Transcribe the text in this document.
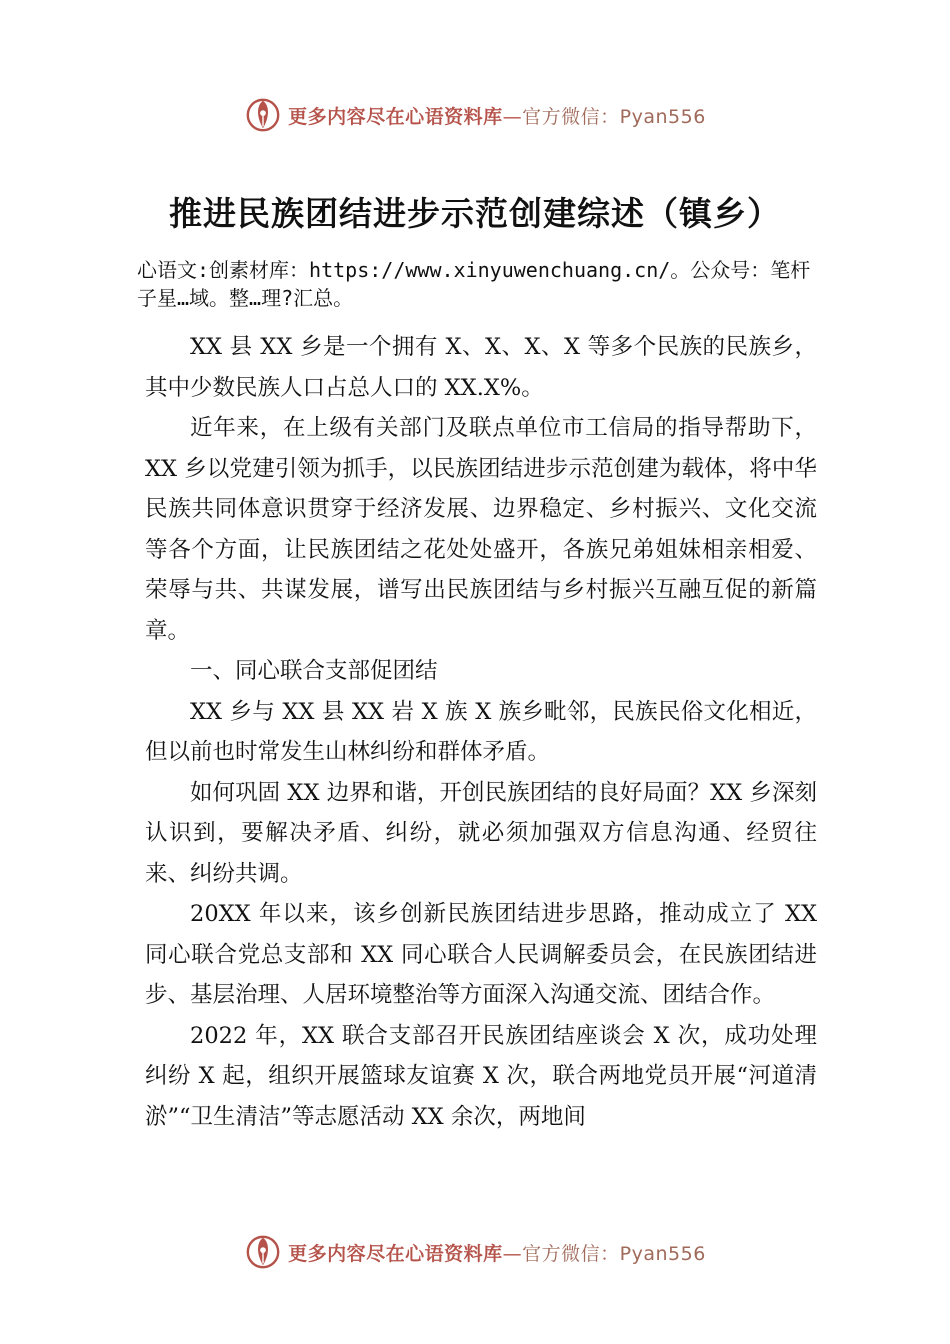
更多内容尽在心语资料库—官方微信：Pyan556
推进民族团结进步示范创建综述（镇乡）
心语文:创素材库：https://www.xinyuwenchuang.cn/。公众号：笔杆子星…域。整…理?汇总。

XX 县 XX 乡是一个拥有 X、X、X、X 等多个民族的民族乡，其中少数民族人口占总人口的 XX.X%。

近年来，在上级有关部门及联点单位市工信局的指导帮助下，XX 乡以党建引领为抓手，以民族团结进步示范创建为载体，将中华民族共同体意识贯穿于经济发展、边界稳定、乡村振兴、文化交流等各个方面，让民族团结之花处处盛开，各族兄弟姐妹相亲相爱、荣辱与共、共谋发展，谱写出民族团结与乡村振兴互融互促的新篇章。

一、同心联合支部促团结

XX 乡与 XX 县 XX 岩 X 族 X 族乡毗邻，民族民俗文化相近，但以前也时常发生山林纠纷和群体矛盾。

如何巩固 XX 边界和谐，开创民族团结的良好局面？XX 乡深刻认识到，要解决矛盾、纠纷，就必须加强双方信息沟通、经贸往来、纠纷共调。

20XX 年以来，该乡创新民族团结进步思路，推动成立了 XX 同心联合党总支部和 XX 同心联合人民调解委员会，在民族团结进步、基层治理、人居环境整治等方面深入沟通交流、团结合作。

2022 年，XX 联合支部召开民族团结座谈会 X 次，成功处理纠纷 X 起，组织开展篮球友谊赛 X 次，联合两地党员开展“河道清淤”“卫生清洁”等志愿活动 XX 余次，两地间

更多内容尽在心语资料库—官方微信：Pyan556
